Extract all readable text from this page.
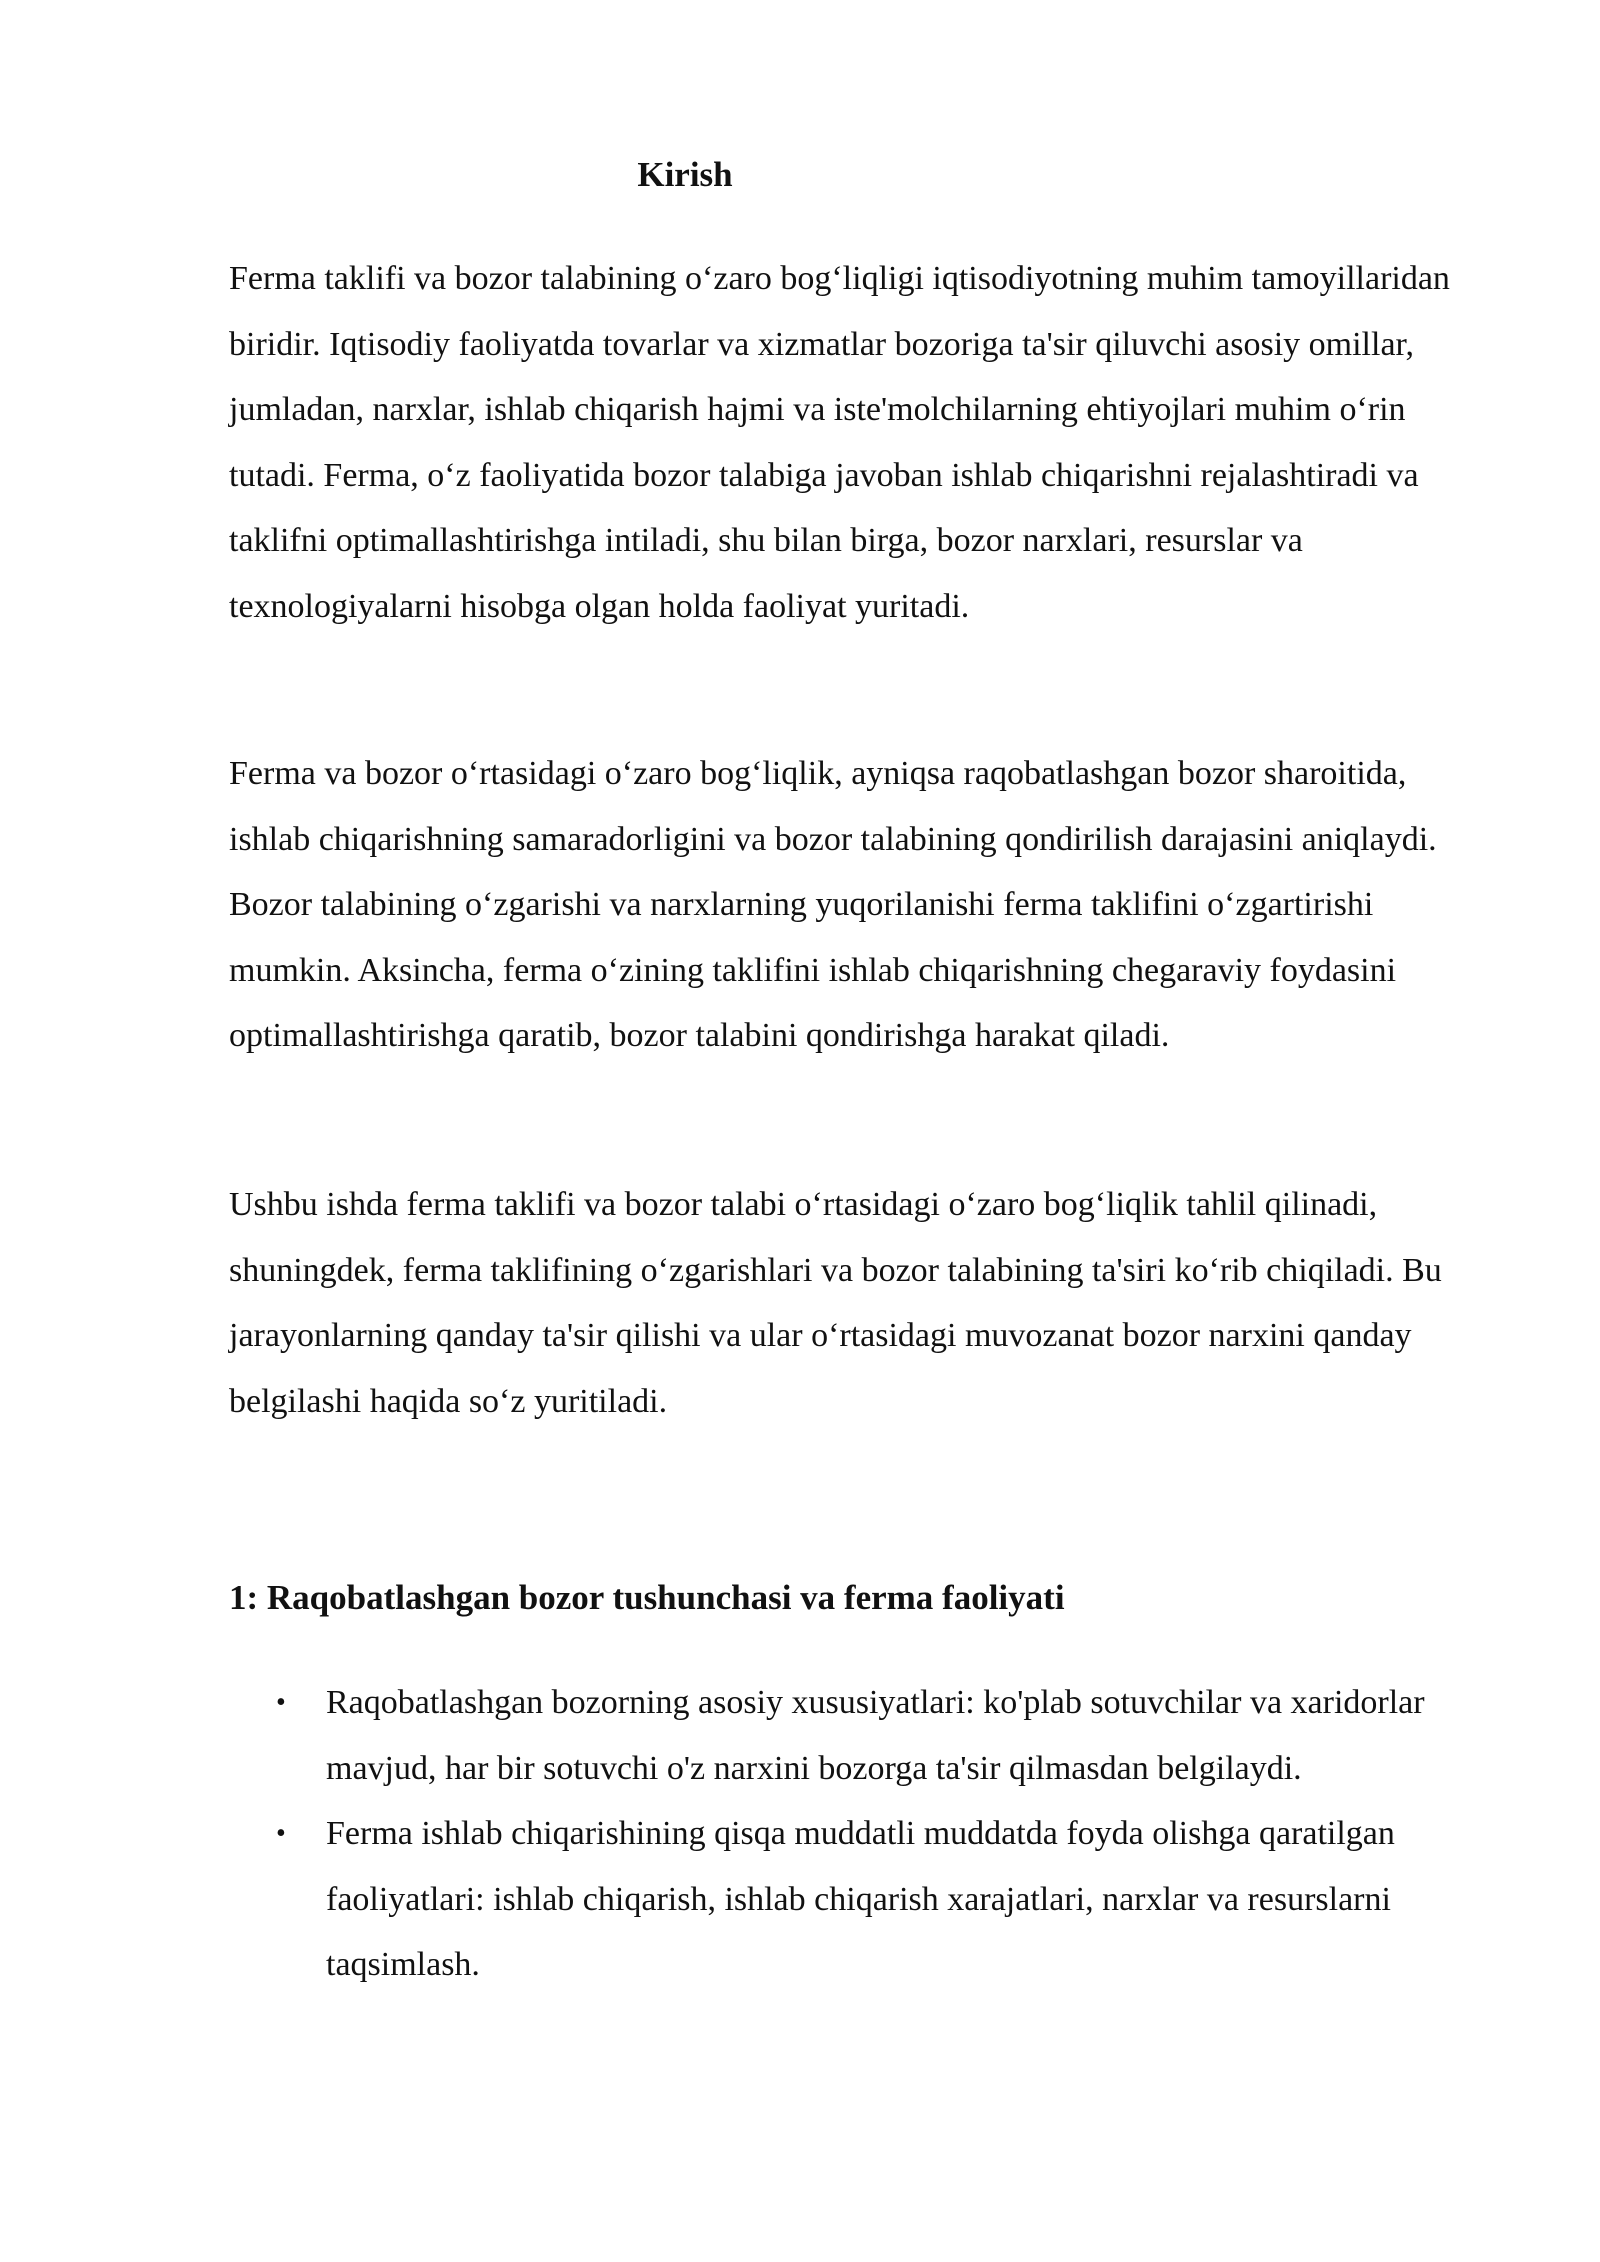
Kirish

Ferma taklifi va bozor talabining o‘zaro bog‘liqligi iqtisodiyotning muhim tamoyillaridan biridir. Iqtisodiy faoliyatda tovarlar va xizmatlar bozoriga ta'sir qiluvchi asosiy omillar, jumladan, narxlar, ishlab chiqarish hajmi va iste'molchilarning ehtiyojlari muhim o‘rin tutadi. Ferma, o‘z faoliyatida bozor talabiga javoban ishlab chiqarishni rejalashtiradi va taklifni optimallashtirishga intiladi, shu bilan birga, bozor narxlari, resurslar va texnologiyalarni hisobga olgan holda faoliyat yuritadi.

Ferma va bozor o‘rtasidagi o‘zaro bog‘liqlik, ayniqsa raqobatlashgan bozor sharoitida, ishlab chiqarishning samaradorligini va bozor talabining qondirilish darajasini aniqlaydi. Bozor talabining o‘zgarishi va narxlarning yuqorilanishi ferma taklifini o‘zgartirishi mumkin. Aksincha, ferma o‘zining taklifini ishlab chiqarishning chegaraviy foydasini optimallashtirishga qaratib, bozor talabini qondirishga harakat qiladi.

Ushbu ishda ferma taklifi va bozor talabi o‘rtasidagi o‘zaro bog‘liqlik tahlil qilinadi, shuningdek, ferma taklifining o‘zgarishlari va bozor talabining ta'siri ko‘rib chiqiladi. Bu jarayonlarning qanday ta'sir qilishi va ular o‘rtasidagi muvozanat bozor narxini qanday belgilashi haqida so‘z yuritiladi.

1: Raqobatlashgan bozor tushunchasi va ferma faoliyati
• Raqobatlashgan bozorning asosiy xususiyatlari: ko'plab sotuvchilar va xaridorlar mavjud, har bir sotuvchi o'z narxini bozorga ta'sir qilmasdan belgilaydi.
• Ferma ishlab chiqarishining qisqa muddatli muddatda foyda olishga qaratilgan faoliyatlari: ishlab chiqarish, ishlab chiqarish xarajatlari, narxlar va resurslarni taqsimlash.
